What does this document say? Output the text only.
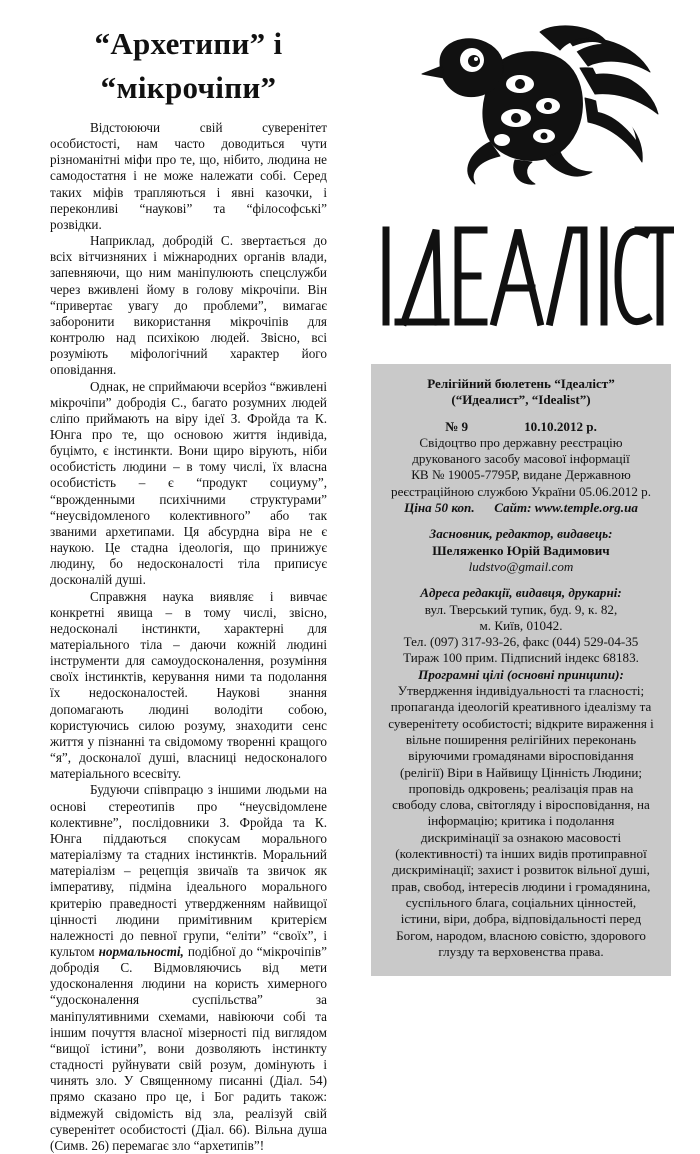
“Архетипи” і
“мікрочіпи”

Відстоюючи свій суверенітет особистості, нам часто доводиться чути різноманітні міфи про те, що, нібито, людина не самодостатня і не може належати собі. Серед таких міфів трапляються і явні казочки, і переконливі “наукові” та “філософські” розвідки.

Наприклад, добродій С. звертається до всіх вітчизняних і міжнародних органів влади, запевняючи, що ним маніпулюють спецслужби через вживлені йому в голову мікрочіпи. Він “привертає увагу до проблеми”, вимагає заборонити використання мікрочіпів для контролю над психікою людей. Звісно, всі розуміють міфологічний характер його оповідання.

Однак, не сприймаючи всерйоз “вживлені мікрочіпи” добродія С., багато розумних людей сліпо приймають на віру ідеї З. Фройда та К. Юнга про те, що основою життя індивіда, буцімто, є інстинкти. Вони щиро вірують, ніби особистість людини – в тому числі, їх власна особистість – є “продукт социуму”, “врожденными психічними структурами” “неусвідомленого колективного” або так званими архетипами. Ця абсурдна віра не є наукою. Це стадна ідеологія, що принижує людину, бо недосконалості тіла приписує досконалій душі.

Справжня наука виявляє і вивчає конкретні явища – в тому числі, звісно, недосконалі інстинкти, характерні для матеріального тіла – даючи кожній людині інструменти для самоудосконалення, розуміння своїх інстинктів, керування ними та подолання їх недосконалостей. Наукові знання допомагають людині володіти собою, користуючись силою розуму, знаходити сенс життя у пізнанні та свідомому творенні кращого “я”, досконалої душі, власниці недосконалого матеріального всесвіту.

Будуючи співпрацю з іншими людьми на основі стереотипів про “неусвідомлене колективне”, послідовники З. Фройда та К. Юнга піддаються спокусам морального матеріалізму та стадних інстинктів. Моральний матеріалізм – рецепція звичаїв та звичок як імперативу, підміна ідеального морального критерію праведності утвердженням найвищої цінності людини примітивним критерієм належності до певної групи, “еліти” “своїх”, і культом нормальності, подібної до “мікрочіпів” добродія С. Відмовляючись від мети удосконалення людини на користь химерного “удосконалення суспільства” за маніпулятивними схемами, навіюючи собі та іншим почуття власної мізерності під виглядом “вищої істини”, вони дозволяють інстинкту стадності руйнувати свій розум, домінують і чинять зло. У Священному писанні (Діал. 54) прямо сказано про це, і Бог радить також: відмежуй свідомість від зла, реалізуй свій суверенітет особистості (Діал. 66). Вільна душа (Симв. 26) перемагає зло “архетипів”!

ІДЕАЛІСТ
Релігійний бюлетень “Ідеаліст”
(“Идеалист”, “Idealist”)
№ 9	10.10.2012 р.
Свідоцтво про державну реєстрацію
друкованого засобу масової інформації
КВ № 19005-7795Р, видане Державною
реєстраційною службою України 05.06.2012 р.
Ціна 50 коп.      Сайт: www.temple.org.ua
Засновник, редактор, видавець:
Шеляженко Юрій Вадимович
ludstvo@gmail.com
Адреса редакції, видавця, друкарні:
вул. Тверський тупик, буд. 9, к. 82,
м. Київ, 01042.
Тел. (097) 317-93-26, факс (044) 529-04-35
Тираж 100 прим. Підписний індекс 68183.
Програмні цілі (основні принципи):
Утвердження індивідуальності та гласності;
пропаганда ідеологій креативного ідеалізму та
суверенітету особистості; відкрите вираження і
вільне поширення релігійних переконань
віруючими громадянами віросповідання
(релігії) Віри в Найвищу Цінність Людини;
проповідь одкровень; реалізація прав на
свободу слова, світогляду і віросповідання, на
інформацію; критика і подолання
дискримінації за ознакою масовості
(колективності) та інших видів протиправної
дискримінації; захист і розвиток вільної душі,
прав, свобод, інтересів людини і громадянина,
суспільного блага, соціальних цінностей,
істини, віри, добра, відповідальності перед
Богом, народом, власною совістю, здорового
глузду та верховенства права.
